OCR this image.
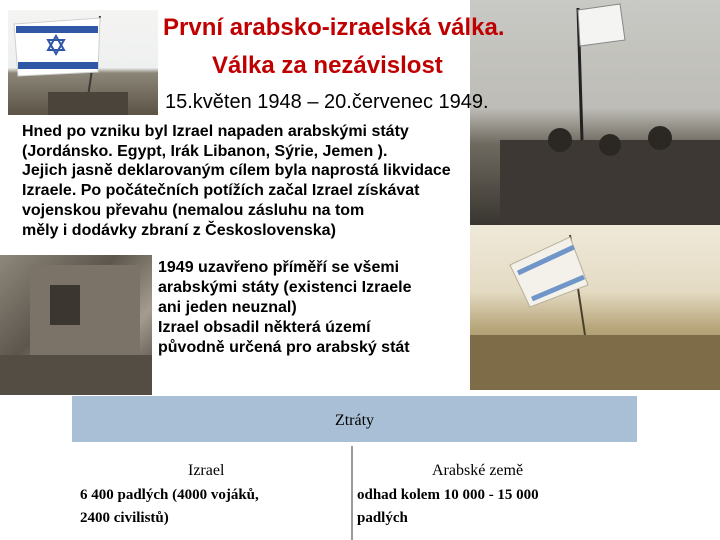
První arabsko-izraelská válka.
Válka za nezávislost
15.květen 1948 – 20.červenec 1949.
Hned po vzniku byl Izrael napaden arabskými státy
(Jordánsko. Egypt, Irák Libanon, Sýrie, Jemen ).
Jejich jasně deklarovaným cílem byla naprostá likvidace
Izraele. Po počátečních potížích začal Izrael získávat
vojenskou převahu (nemalou zásluhu na tom
měly i dodávky zbraní z Československa)
1949 uzavřeno příměří se všemi
arabskými státy (existenci Izraele
ani jeden neuznal)
Izrael obsadil některá území
původně určená pro arabský stát
Ztráty
Izrael
6 400 padlých (4000 vojáků,
2400 civilistů)
Arabské země
odhad kolem 10 000 - 15 000
padlých
